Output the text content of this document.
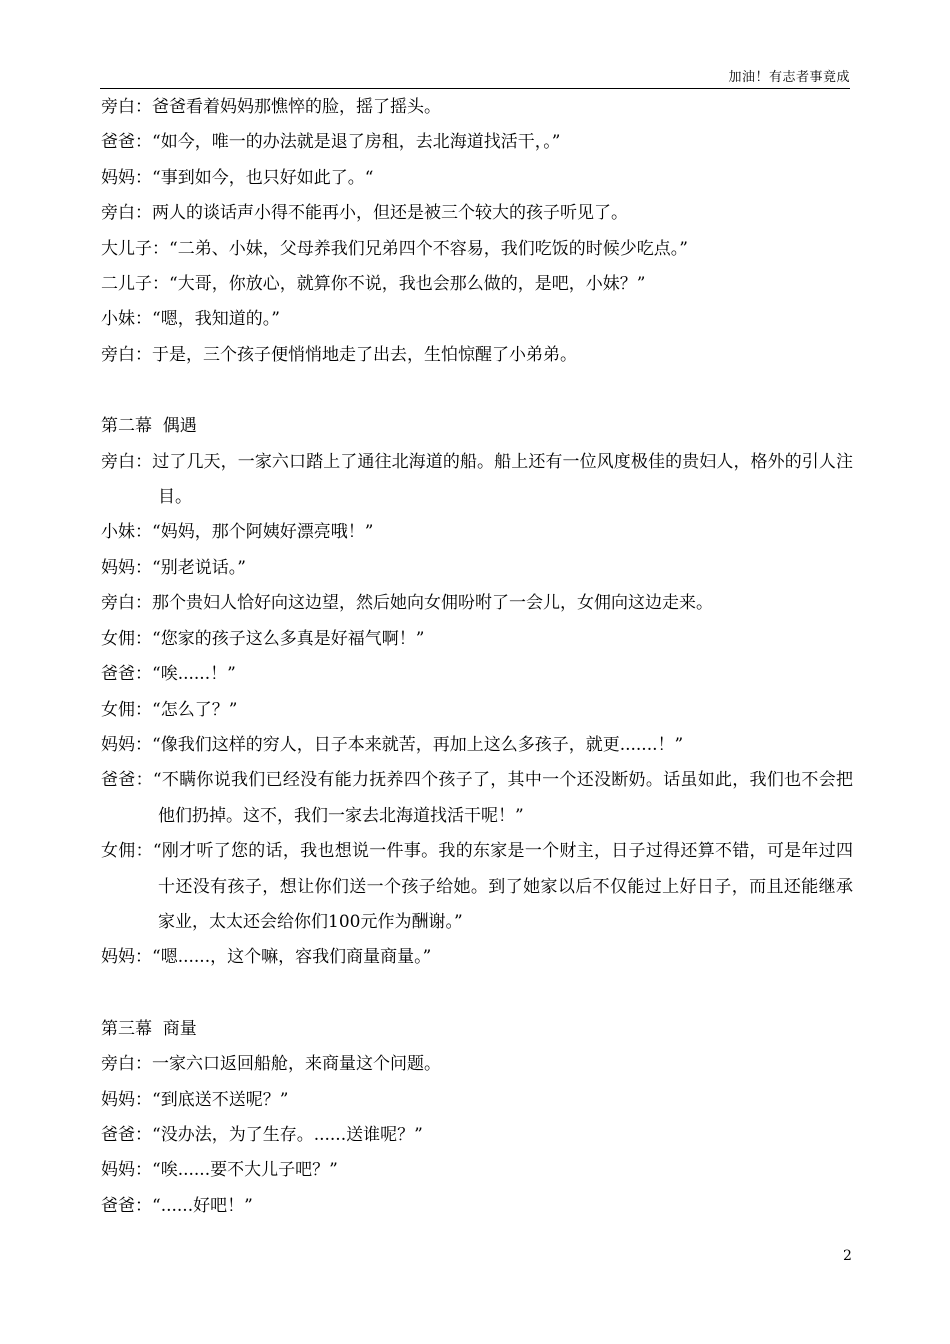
加油！有志者事竟成
旁白：爸爸看着妈妈那憔悴的脸，摇了摇头。
爸爸：“如今，唯一的办法就是退了房租，去北海道找活干，。”
妈妈：“事到如今，也只好如此了。“
旁白：两人的谈话声小得不能再小，但还是被三个较大的孩子听见了。
大儿子：“二弟、小妹，父母养我们兄弟四个不容易，我们吃饭的时候少吃点。”
二儿子：“大哥，你放心，就算你不说，我也会那么做的，是吧，小妹？”
小妹：“嗯，我知道的。”
旁白：于是，三个孩子便悄悄地走了出去，生怕惊醒了小弟弟。
第二幕  偶遇
旁白：过了几天，一家六口踏上了通往北海道的船。船上还有一位风度极佳的贵妇人，格外的引人注目。
小妹：“妈妈，那个阿姨好漂亮哦！”
妈妈：“别老说话。”
旁白：那个贵妇人恰好向这边望，然后她向女佣吩咐了一会儿，女佣向这边走来。
女佣：“您家的孩子这么多真是好福气啊！”
爸爸：“唉......！”
女佣：“怎么了？”
妈妈：“像我们这样的穷人，日子本来就苦，再加上这么多孩子，就更.......！”
爸爸：“不瞒你说我们已经没有能力抚养四个孩子了，其中一个还没断奶。话虽如此，我们也不会把他们扔掉。这不，我们一家去北海道找活干呢！”
女佣：“刚才听了您的话，我也想说一件事。我的东家是一个财主，日子过得还算不错，可是年过四十还没有孩子，想让你们送一个孩子给她。到了她家以后不仅能过上好日子，而且还能继承家业，太太还会给你们100元作为酬谢。”
妈妈：“嗯......，这个嘛，容我们商量商量。”
第三幕  商量
旁白：一家六口返回船舱，来商量这个问题。
妈妈：“到底送不送呢？”
爸爸：“没办法，为了生存。......送谁呢？”
妈妈：“唉......要不大儿子吧？”
爸爸：“......好吧！”
2
